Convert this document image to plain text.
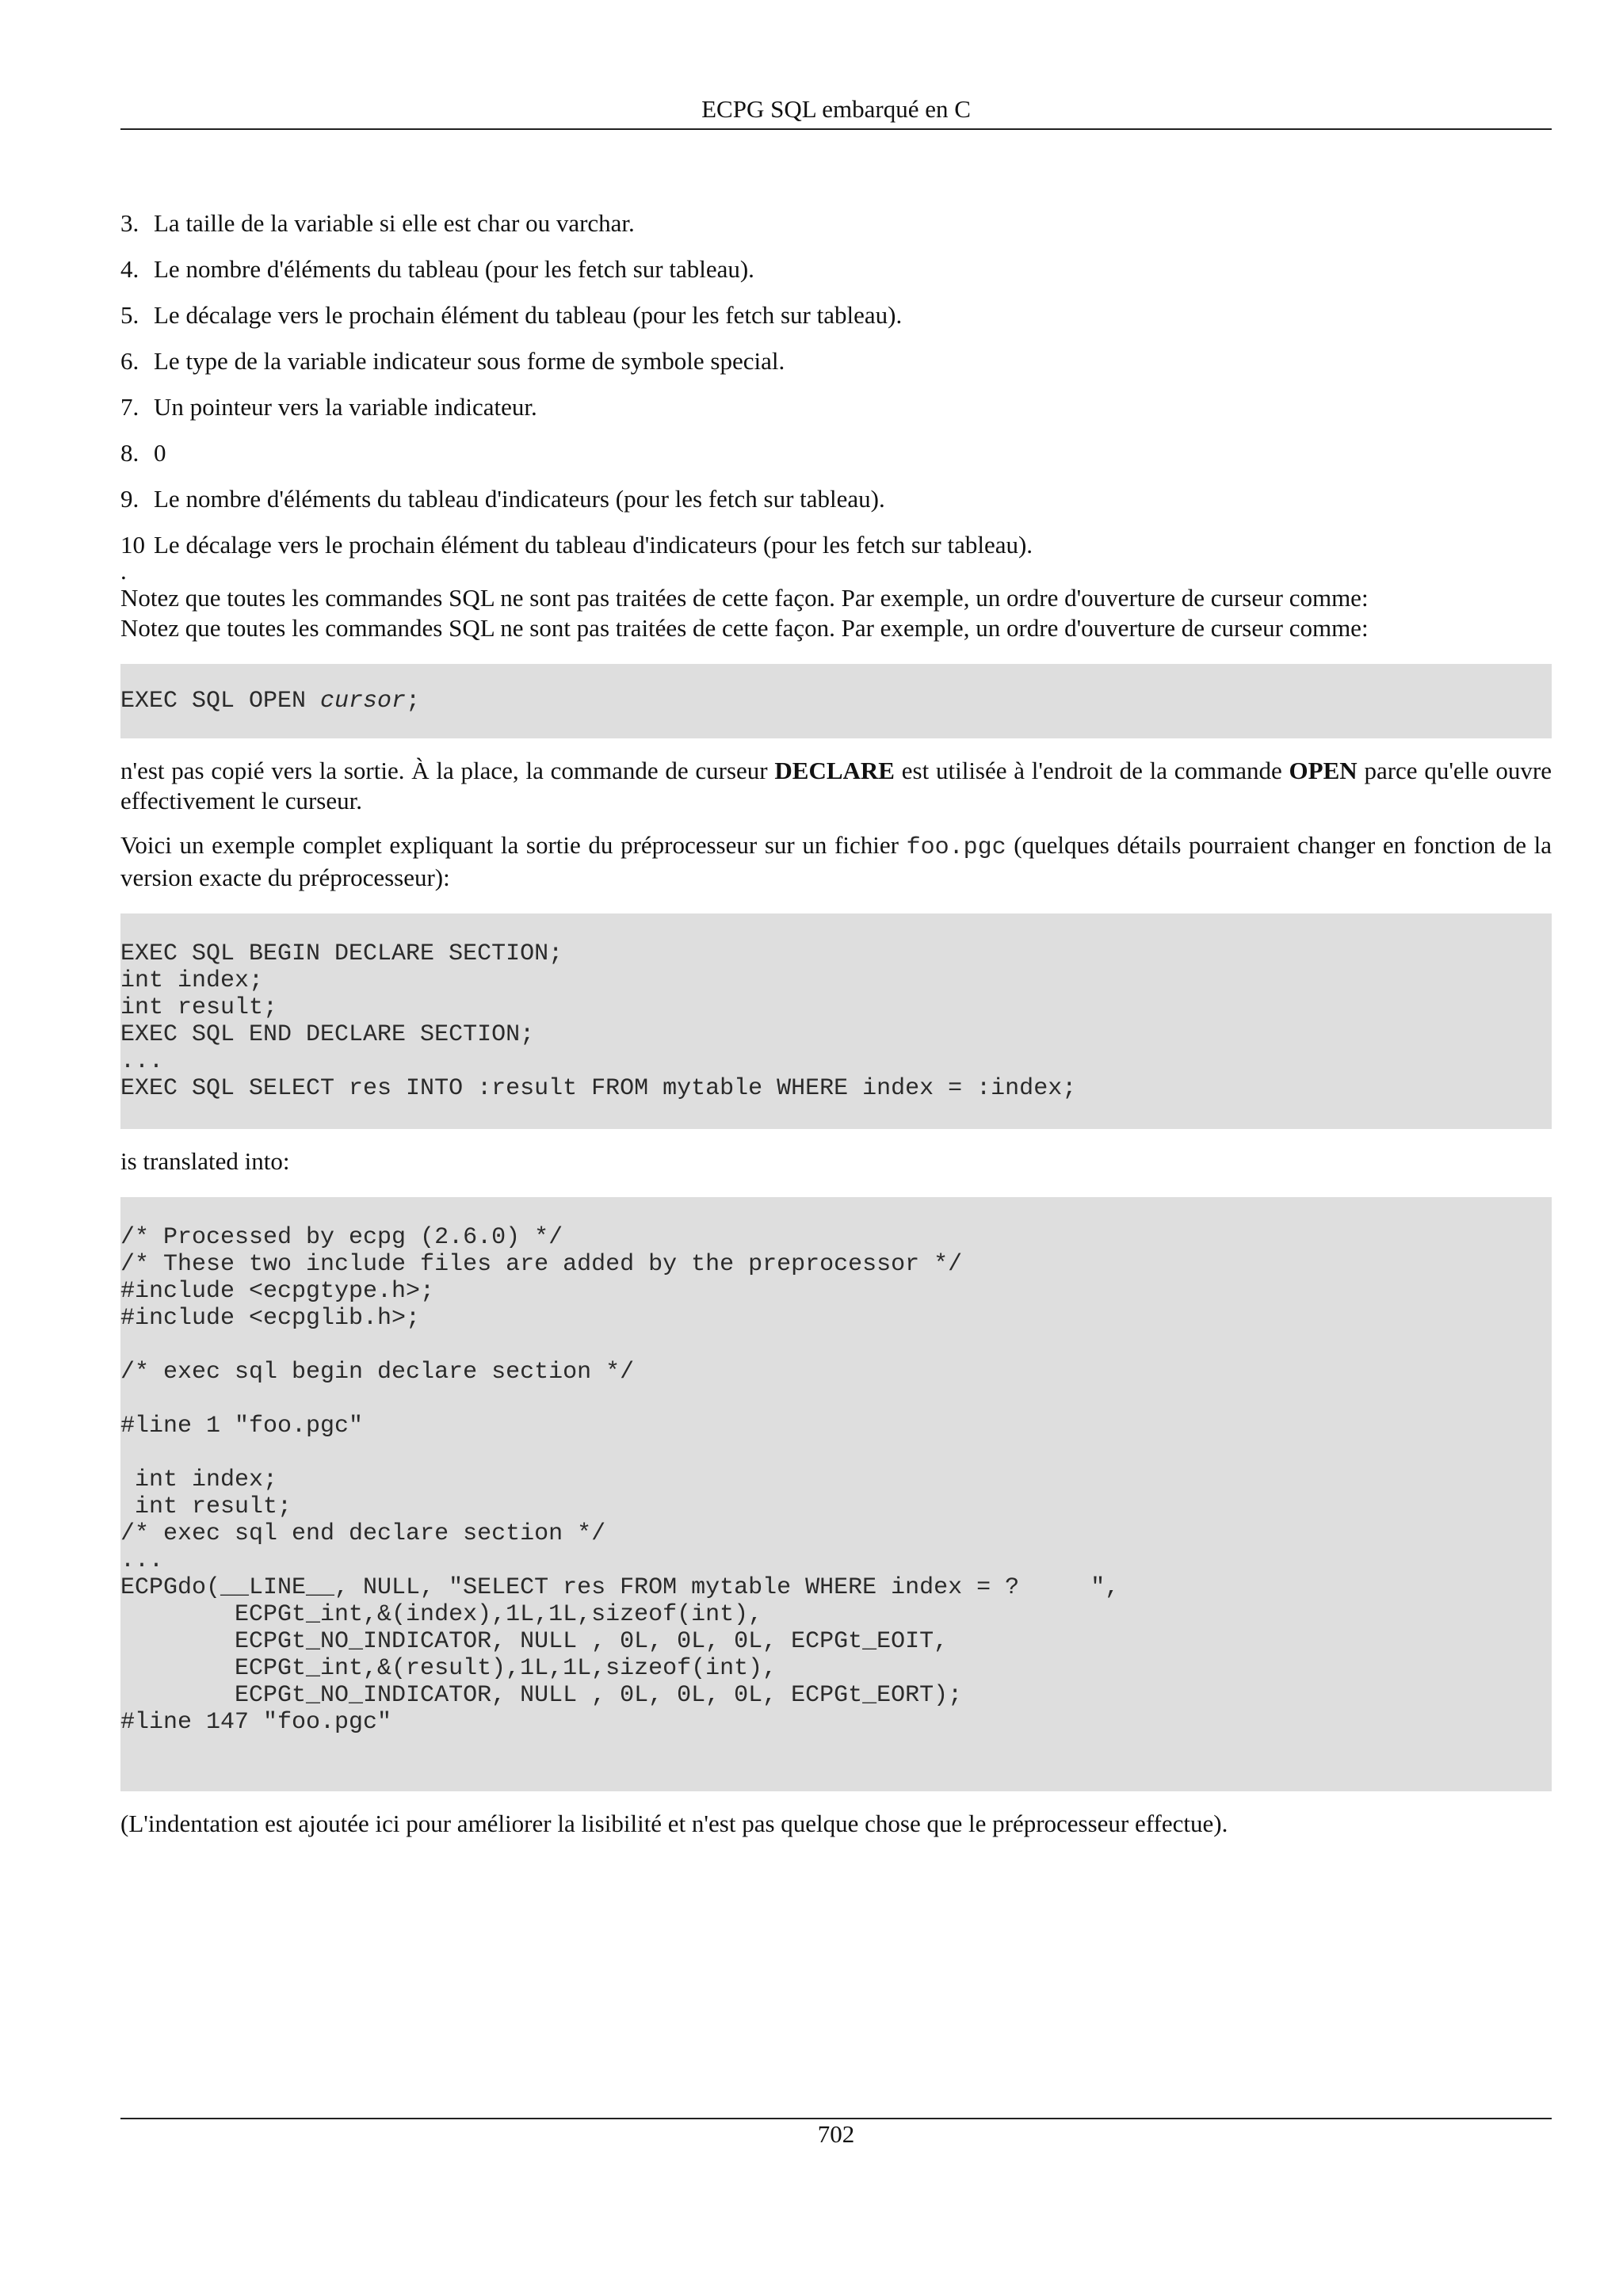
ECPG SQL embarqué en C
3. La taille de la variable si elle est char ou varchar.
4. Le nombre d'éléments du tableau (pour les fetch sur tableau).
5. Le décalage vers le prochain élément du tableau (pour les fetch sur tableau).
6. Le type de la variable indicateur sous forme de symbole special.
7. Un pointeur vers la variable indicateur.
8. 0
9. Le nombre d'éléments du tableau d'indicateurs (pour les fetch sur tableau).
10 Le décalage vers le prochain élément du tableau d'indicateurs (pour les fetch sur tableau).
.

Notez que toutes les commandes SQL ne sont pas traitées de cette façon. Par exemple, un ordre d'ouverture de curseur comme:

Notez que toutes les commandes SQL ne sont pas traitées de cette façon. Par exemple, un ordre d'ouverture de curseur comme:

EXEC SQL OPEN cursor;

n'est pas copié vers la sortie. À la place, la commande de curseur DECLARE est utilisée à l'endroit de la commande OPEN parce qu'elle ouvre effectivement le curseur.

Voici un exemple complet expliquant la sortie du préprocesseur sur un fichier foo.pgc (quelques détails pourraient changer en fonction de la version exacte du préprocesseur):

EXEC SQL BEGIN DECLARE SECTION;
int index;
int result;
EXEC SQL END DECLARE SECTION;
...
EXEC SQL SELECT res INTO :result FROM mytable WHERE index = :index;

is translated into:

/* Processed by ecpg (2.6.0) */
/* These two include files are added by the preprocessor */
#include <ecpgtype.h>;
#include <ecpglib.h>;
/* exec sql begin declare section */
#line 1 "foo.pgc"
int index;
int result;
/* exec sql end declare section */
...
ECPGdo(__LINE__, NULL, "SELECT res FROM mytable WHERE index = ?     ",
ECPGt_int,&(index),1L,1L,sizeof(int),
ECPGt_NO_INDICATOR, NULL , 0L, 0L, 0L, ECPGt_EOIT,
ECPGt_int,&(result),1L,1L,sizeof(int),
ECPGt_NO_INDICATOR, NULL , 0L, 0L, 0L, ECPGt_EORT);
#line 147 "foo.pgc"

(L'indentation est ajoutée ici pour améliorer la lisibilité et n'est pas quelque chose que le préprocesseur effectue).

702
